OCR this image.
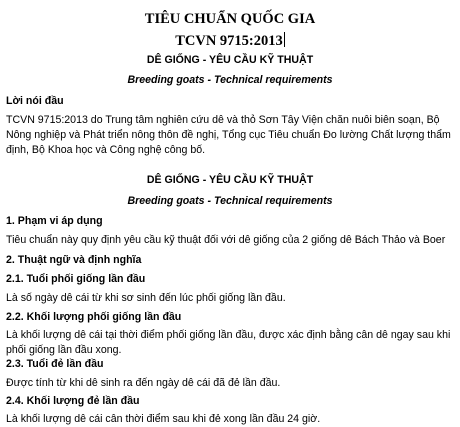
TIÊU CHUẨN QUỐC GIA
TCVN 9715:2013
DÊ GIỐNG - YÊU CẦU KỸ THUẬT
Breeding goats - Technical requirements
Lời nói đầu
TCVN 9715:2013 do Trung tâm nghiên cứu dê và thỏ Sơn Tây Viện chăn nuôi biên soạn, Bộ Nông nghiệp và Phát triển nông thôn đề nghị, Tổng cục Tiêu chuẩn Đo lường Chất lượng thẩm định, Bộ Khoa học và Công nghệ công bố.
DÊ GIỐNG - YÊU CẦU KỸ THUẬT
Breeding goats - Technical requirements
1. Phạm vi áp dụng
Tiêu chuẩn này quy định yêu cầu kỹ thuật đối với dê giống của 2 giống dê Bách Thảo và Boer
2. Thuật ngữ và định nghĩa
2.1. Tuổi phối giống lần đầu
Là số ngày dê cái từ khi sơ sinh đến lúc phối giống lần đầu.
2.2. Khối lượng phối giống lần đầu
Là khối lượng dê cái tại thời điểm phối giống lần đầu, được xác định bằng cân dê ngay sau khi phối giống lần đầu xong.
2.3. Tuổi đẻ lần đầu
Được tính từ khi dê sinh ra đến ngày dê cái đã đẻ lần đầu.
2.4. Khối lượng đẻ lần đầu
Là khối lượng dê cái cân thời điểm sau khi đẻ xong lần đầu 24 giờ.
